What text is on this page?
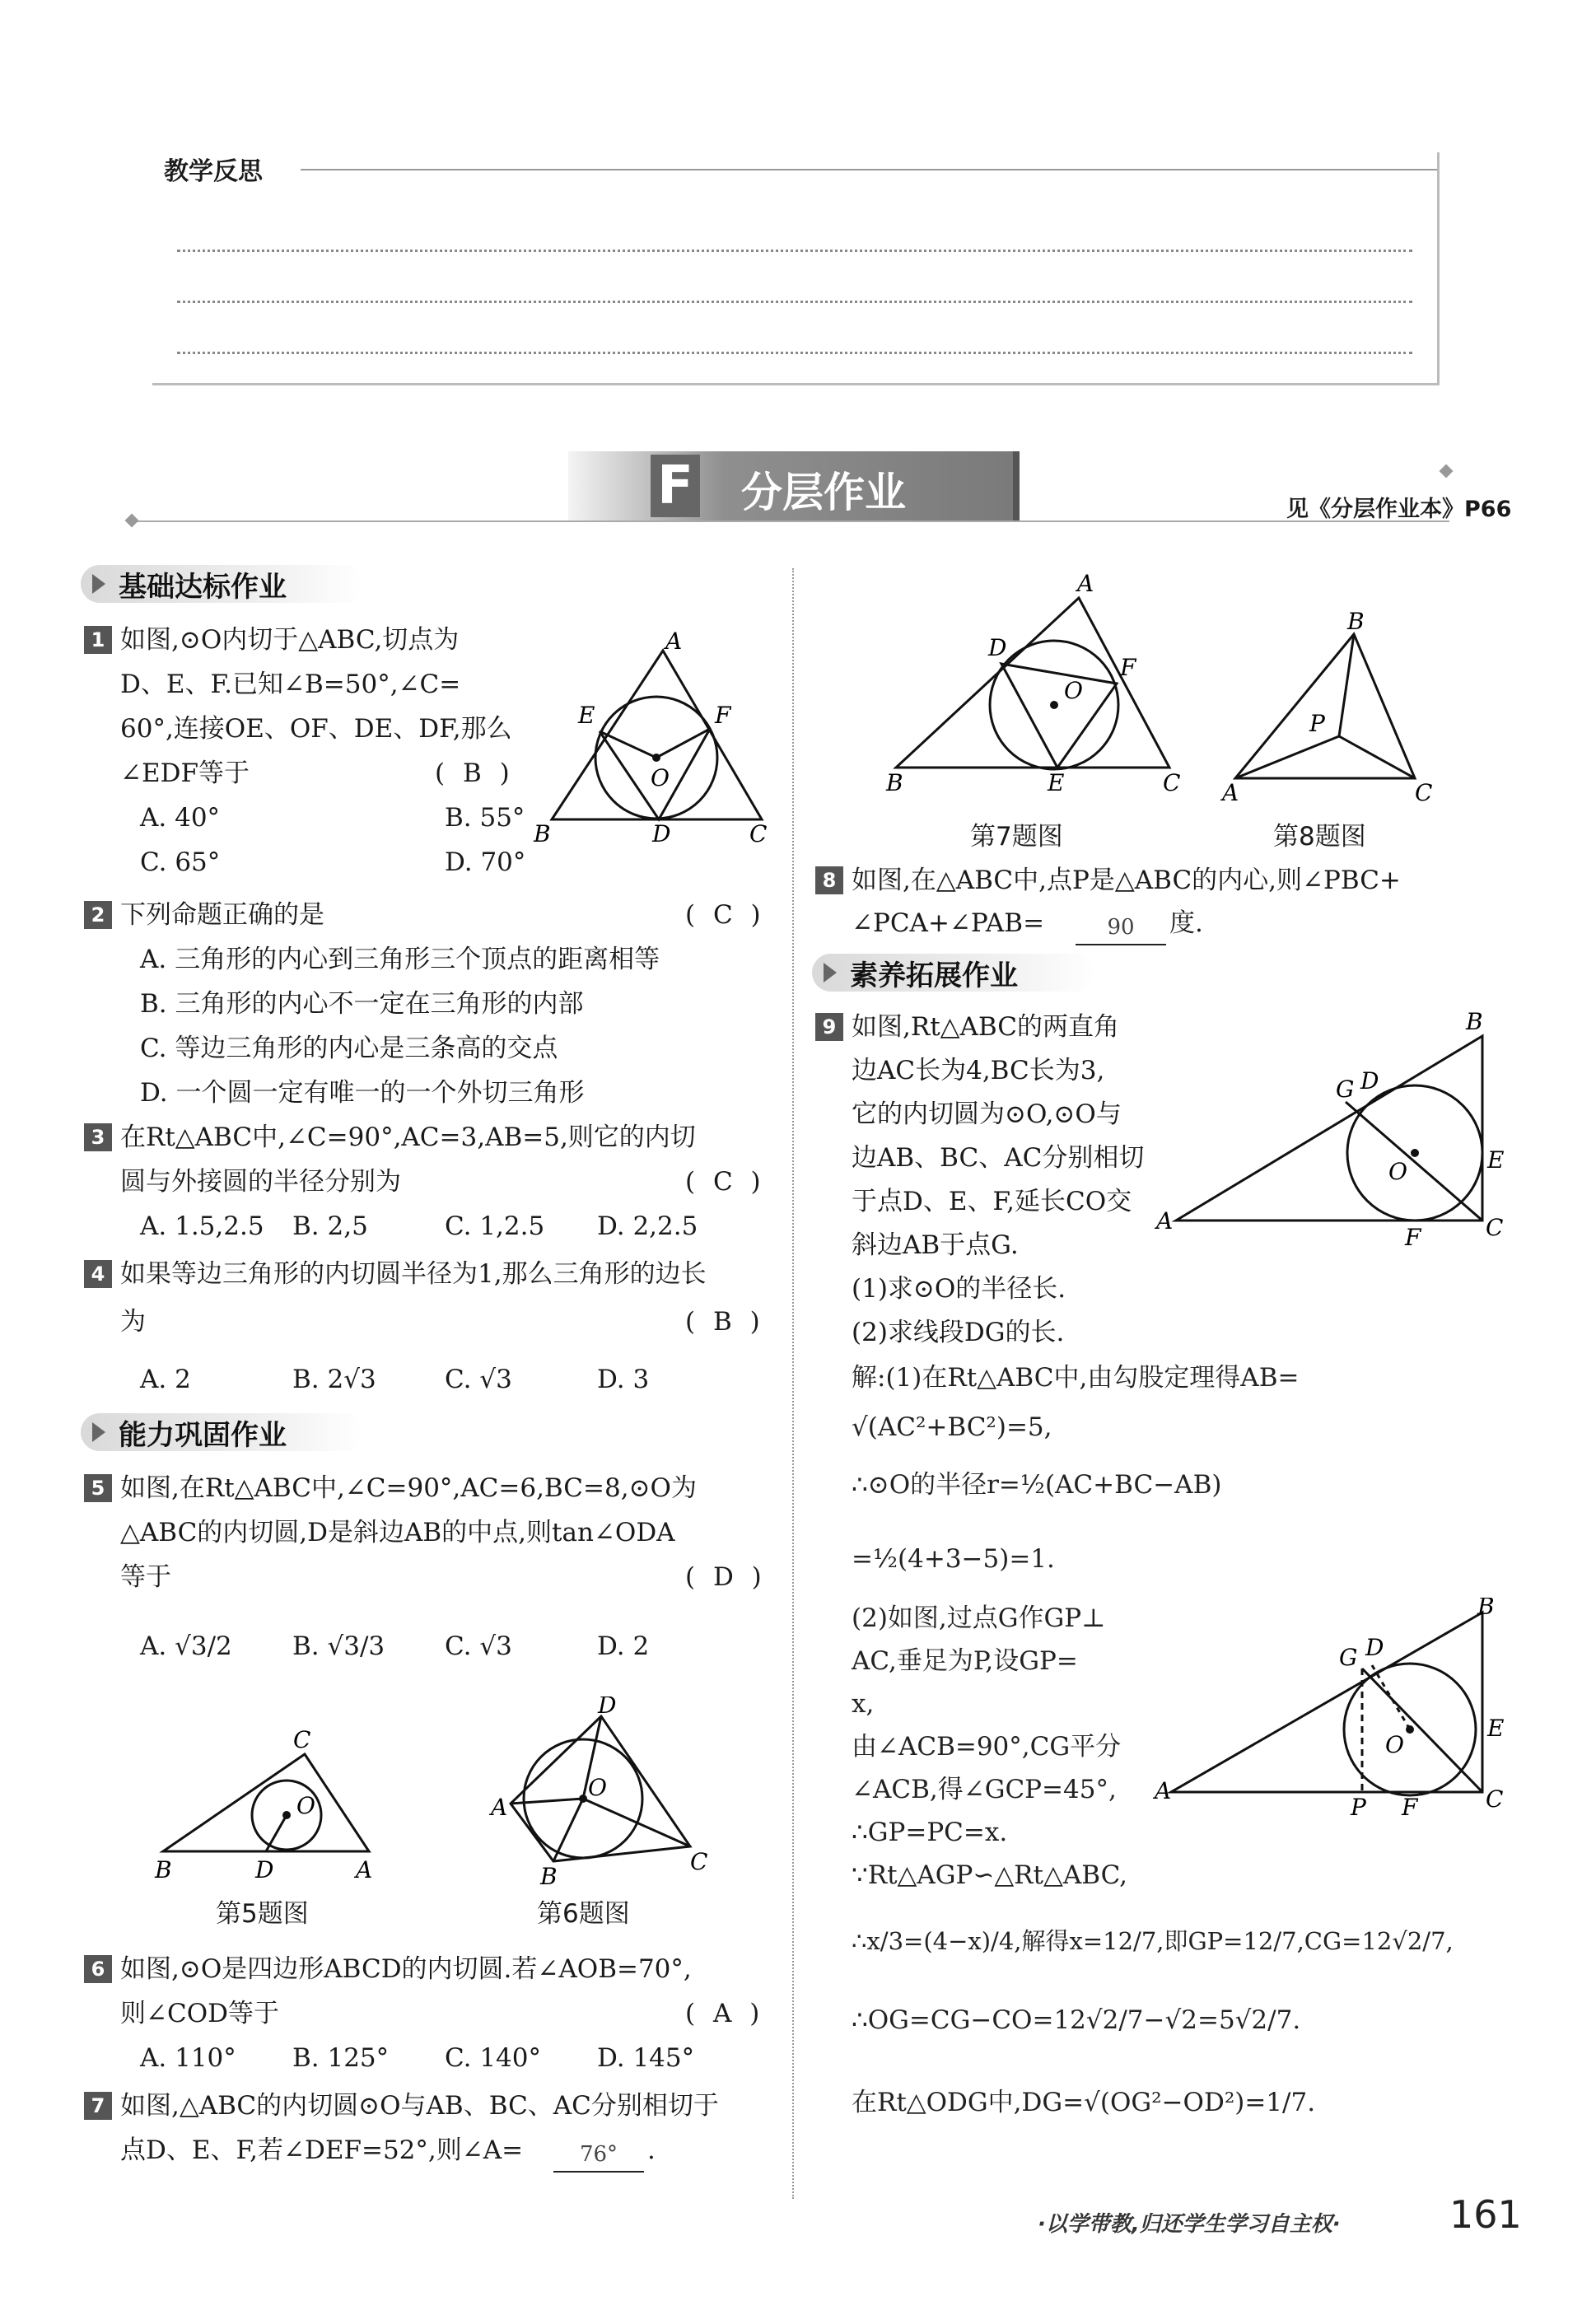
教学反思
F 分层作业	见《分层作业本》P66
基础达标作业
1 如图,⊙O内切于△ABC,切点为
D、E、F.已知∠B=50°,∠C=
60°,连接OE、OF、DE、DF,那么
∠EDF等于	( B )
A. 40°	B. 55°
C. 65°	D. 70°
A
E	F
O
B	D	C
2 下列命题正确的是	( C )
A. 三角形的内心到三角形三个顶点的距离相等
B. 三角形的内心不一定在三角形的内部
C. 等边三角形的内心是三条高的交点
D. 一个圆一定有唯一的一个外切三角形
3 在Rt△ABC中,∠C=90°,AC=3,AB=5,则它的内切
圆与外接圆的半径分别为	( C )
A. 1.5,2.5 B. 2,5	C. 1,2.5 D. 2,2.5
4 如果等边三角形的内切圆半径为1,那么三角形的边长
为	( B )
A. 2	B. 2√3	C. √3	D. 3
能力巩固作业
5 如图,在Rt△ABC中,∠C=90°,AC=6,BC=8,⊙O为
△ABC的内切圆,D是斜边AB的中点,则tan∠ODA
等于	( D )
A. √3/2 B. √3/3 C. √3	D. 2
C
O
B	D	A
第5题图
D
A
O
B
C
第6题图
6 如图,⊙O是四边形ABCD的内切圆.若∠AOB=70°,
则∠COD等于	( A )
A. 110° B. 125° C. 140° D. 145°
7 如图,△ABC的内切圆⊙O与AB、BC、AC分别相切于
点D、E、F,若∠DEF=52°,则∠A=	76°	.
A
D
F
O
B	E	C
第7题图
B
P
A	C
第8题图
8 如图,在△ABC中,点P是△ABC的内心,则∠PBC+
∠PCA+∠PAB=	90	度.
素养拓展作业
9 如图,Rt△ABC的两直角
边AC长为4,BC长为3,
它的内切圆为⊙O,⊙O与
边AB、BC、AC分别相切
于点D、E、F,延长CO交
斜边AB于点G.
B
G D
E
O
A
F	C
(1)求⊙O的半径长.
(2)求线段DG的长.
解:(1)在Rt△ABC中,由勾股定理得AB=
√(AC²+BC²)=5,
∴⊙O的半径r=½(AC+BC−AB)
=½(4+3−5)=1.
(2)如图,过点G作GP⊥
AC,垂足为P,设GP=
x,
由∠ACB=90°,CG平分
∠ACB,得∠GCP=45°,
∴GP=PC=x.
∵Rt△AGP∽△Rt△ABC,
∴x/3=(4−x)/4,解得x=12/7,即GP=12/7,CG=12√2/7,
∴OG=CG−CO=12√2/7−√2=5√2/7.
在Rt△ODG中,DG=√(OG²−OD²)=1/7.
B
G D
E
O
A
P F	C
·以学带教,归还学生学习自主权·	161
